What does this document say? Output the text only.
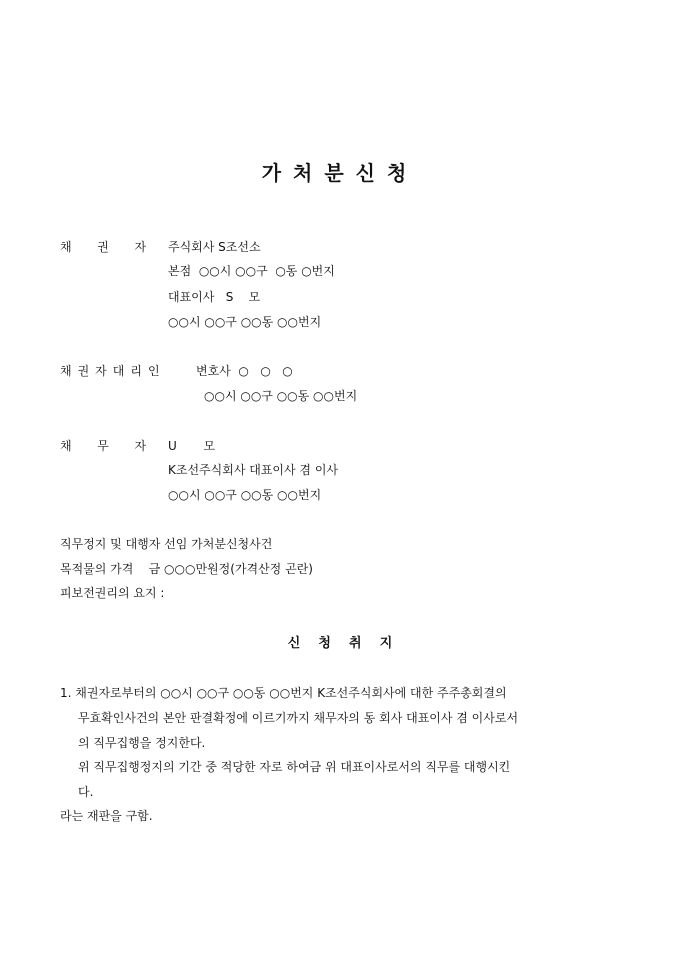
가처분신청
채  권  자 주식회사 S조선소
본점  ○○시 ○○구  ○동 ○번지
대표이사   S    모
○○시 ○○구 ○○동 ○○번지
채권자대리인	변호사  ○   ○   ○
○○시 ○○구 ○○동 ○○번지
채  무  자 U       모
K조선주식회사 대표이사 겸 이사
○○시 ○○구 ○○동 ○○번지
직무정지 및 대행자 선임 가처분신청사건
목적물의 가격    금 ○○○만원정(가격산정 곤란)
피보전권리의 요지 :
신    청    취    지
1. 채권자로부터의 ○○시 ○○구 ○○동 ○○번지 K조선주식회사에 대한 주주총회결의
무효확인사건의 본안 판결확정에 이르기까지 채무자의 동 회사 대표이사 겸 이사로서
의 직무집행을 정지한다.
위 직무집행정지의 기간 중 적당한 자로 하여금 위 대표이사로서의 직무를 대행시킨
다.
라는 재판을 구함.
